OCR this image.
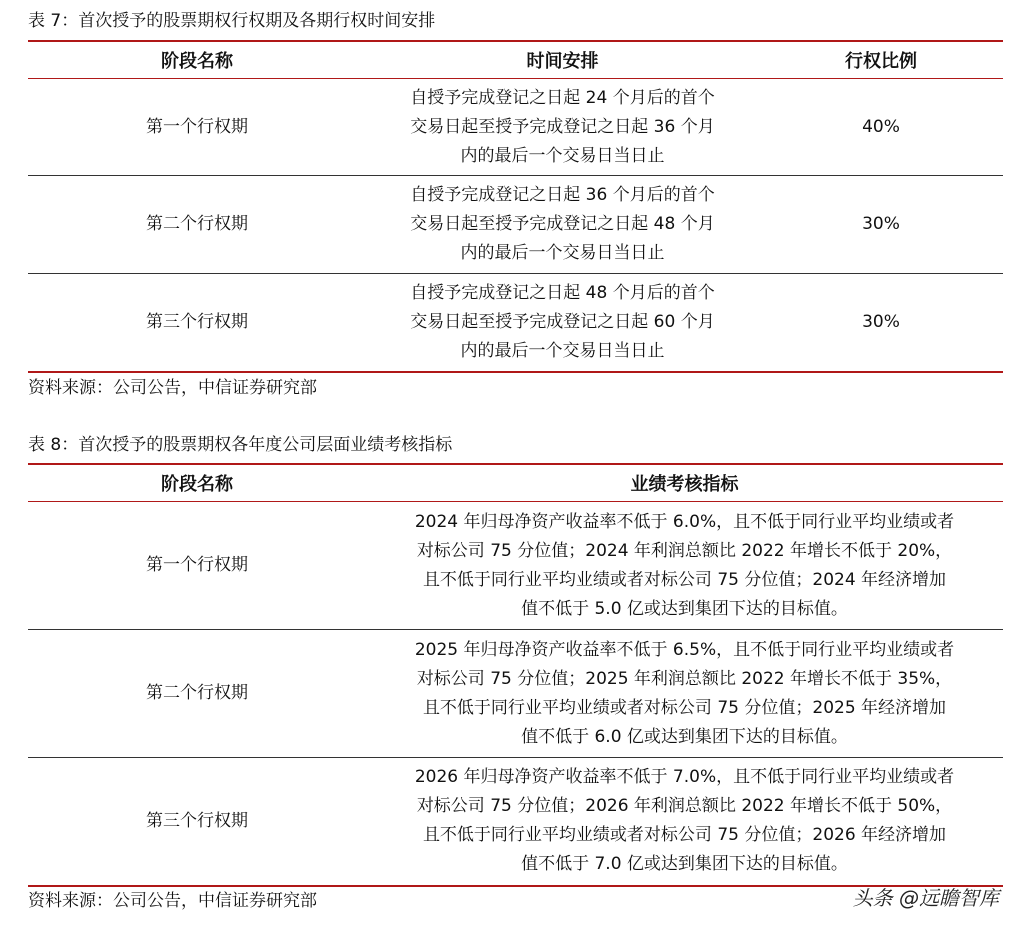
表 7：首次授予的股票期权行权期及各期行权时间安排
阶段名称	时间安排	行权比例
第一个行权期	自授予完成登记之日起 24 个月后的首个
交易日起至授予完成登记之日起 36 个月
内的最后一个交易日当日止	40%
第二个行权期	自授予完成登记之日起 36 个月后的首个
交易日起至授予完成登记之日起 48 个月
内的最后一个交易日当日止	30%
第三个行权期	自授予完成登记之日起 48 个月后的首个
交易日起至授予完成登记之日起 60 个月
内的最后一个交易日当日止	30%
资料来源：公司公告，中信证券研究部
表 8：首次授予的股票期权各年度公司层面业绩考核指标
阶段名称	业绩考核指标
第一个行权期	2024 年归母净资产收益率不低于 6.0%，且不低于同行业平均业绩或者
对标公司 75 分位值；2024 年利润总额比 2022 年增长不低于 20%，
且不低于同行业平均业绩或者对标公司 75 分位值；2024 年经济增加
值不低于 5.0 亿或达到集团下达的目标值。

第二个行权期	2025 年归母净资产收益率不低于 6.5%，且不低于同行业平均业绩或者
对标公司 75 分位值；2025 年利润总额比 2022 年增长不低于 35%，
且不低于同行业平均业绩或者对标公司 75 分位值；2025 年经济增加
值不低于 6.0 亿或达到集团下达的目标值。

第三个行权期	2026 年归母净资产收益率不低于 7.0%，且不低于同行业平均业绩或者
对标公司 75 分位值；2026 年利润总额比 2022 年增长不低于 50%，
且不低于同行业平均业绩或者对标公司 75 分位值；2026 年经济增加
值不低于 7.0 亿或达到集团下达的目标值。
资料来源：公司公告，中信证券研究部	头条 @远瞻智库
